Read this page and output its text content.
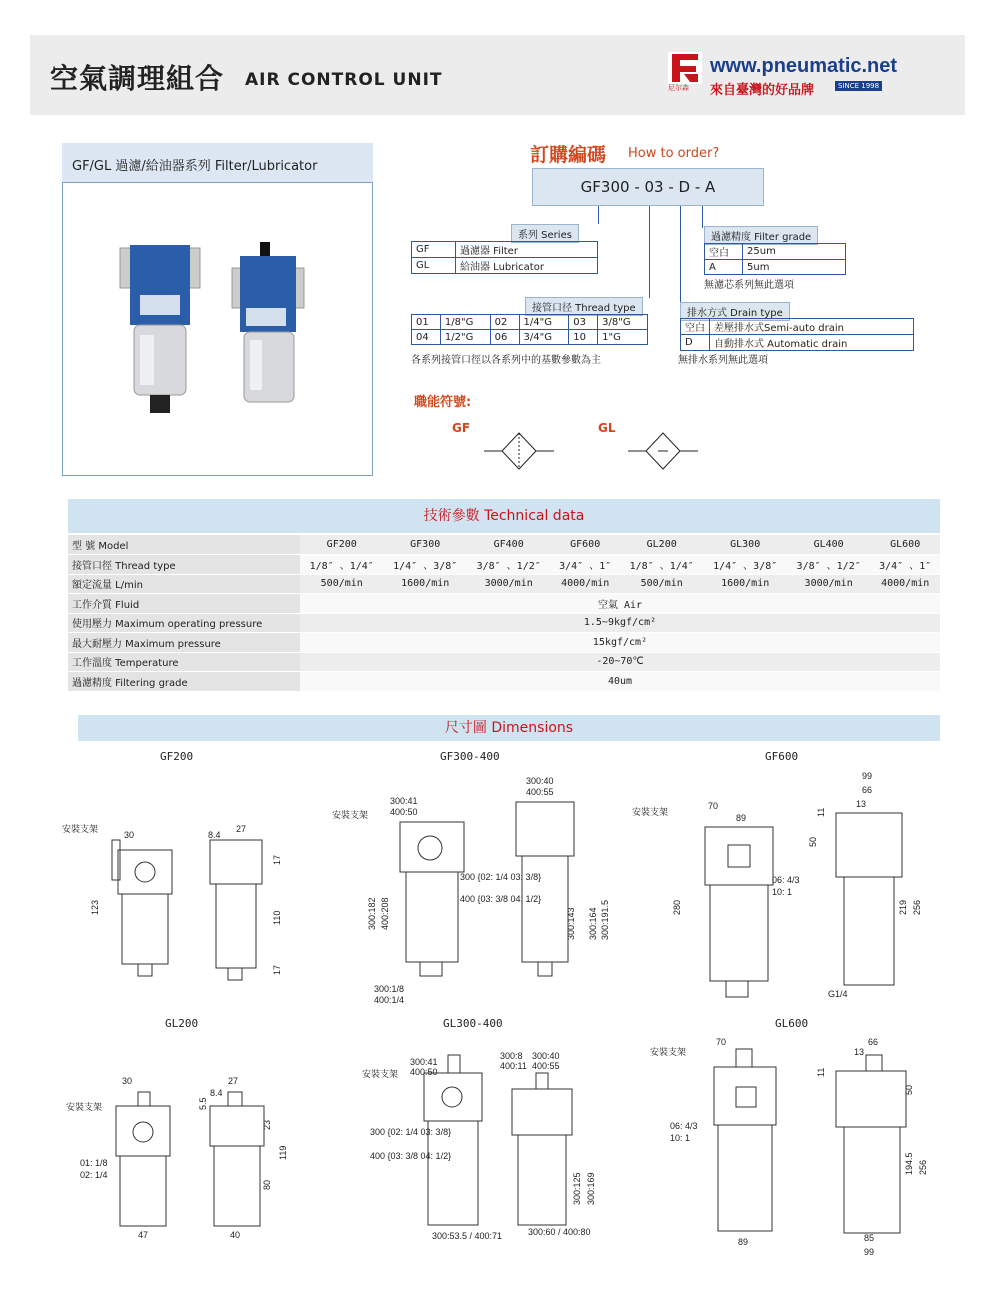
空氣調理組合 AIR CONTROL UNIT	尼尔森
www.pneumatic.net
來自臺灣的好品牌	SINCE 1998
GF/GL 過濾/給油器系列 Filter/Lubricator
訂購編碼 How to order?
GF300 - 03 - D - A
系列 Series
GF	過濾器 Filter
GL	給油器 Lubricator
接管口径 Thread type
01	1/8"G	02	1/4"G	03	3/8"G
04	1/2"G	06	3/4"G	10	1"G
各系列接管口徑以各系列中的基數參數為主
過濾精度 Filter grade
空白	25um
A	5um
無濾芯系列無此選項
排水方式 Drain type
空白	差壓排水式Semi-auto drain
D	自動排水式 Automatic drain
無排水系列無此選項
職能符號:
GF	GL
技術參數 Technical data
型 號 Model	GF200	GF300	GF400	GF600	GL200	GL300	GL400	GL600
接管口徑 Thread type	1/8″ 、1/4″	1/4″ 、3/8″	3/8″ 、1/2″	3/4″ 、1″	1/8″ 、1/4″	1/4″ 、3/8″	3/8″ 、1/2″	3/4″ 、1″
額定流量 L/min	500/min	1600/min	3000/min	4000/min	500/min	1600/min	3000/min	4000/min
工作介質 Fluid	空氣 Air							
使用壓力 Maximum operating pressure	1.5~9kgf/cm²							
最大耐壓力 Maximum pressure	15kgf/cm²							
工作溫度 Temperature	-20~70℃							
過濾精度 Filtering grade	40um							
尺寸圖 Dimensions
GF200	GF300-400	GF600
GL200	GL300-400	GL600
安裝支架
30
123
8.4
27
110
17
17
安裝支架
300:41
400:50
300:182 400:208
300:1/8
400:1/4
300 {02: 1/4 03: 3/8}
400 {03: 3/8 04: 1/2}
300:40
400:55
300:143 300:164 300:191.5
安裝支架
70
89
280
06: 4/3
10: 1
99
66
13
G1/4
11
50
219 256
安裝支架
30
01: 1/8
02: 1/4
47
27
8.4
40
23
80
119
5.5
安裝支架
300:41
400:50
300 {02: 1/4 03: 3/8}
400 {03: 3/8 04: 1/2}
300:53.5 / 400:71
300:8
400:11
300:40
400:55
300:60 / 400:80
300:125 300:169
安裝支架
70
06: 4/3
10: 1
89
66
13
85
99
11
50
194.5 256
